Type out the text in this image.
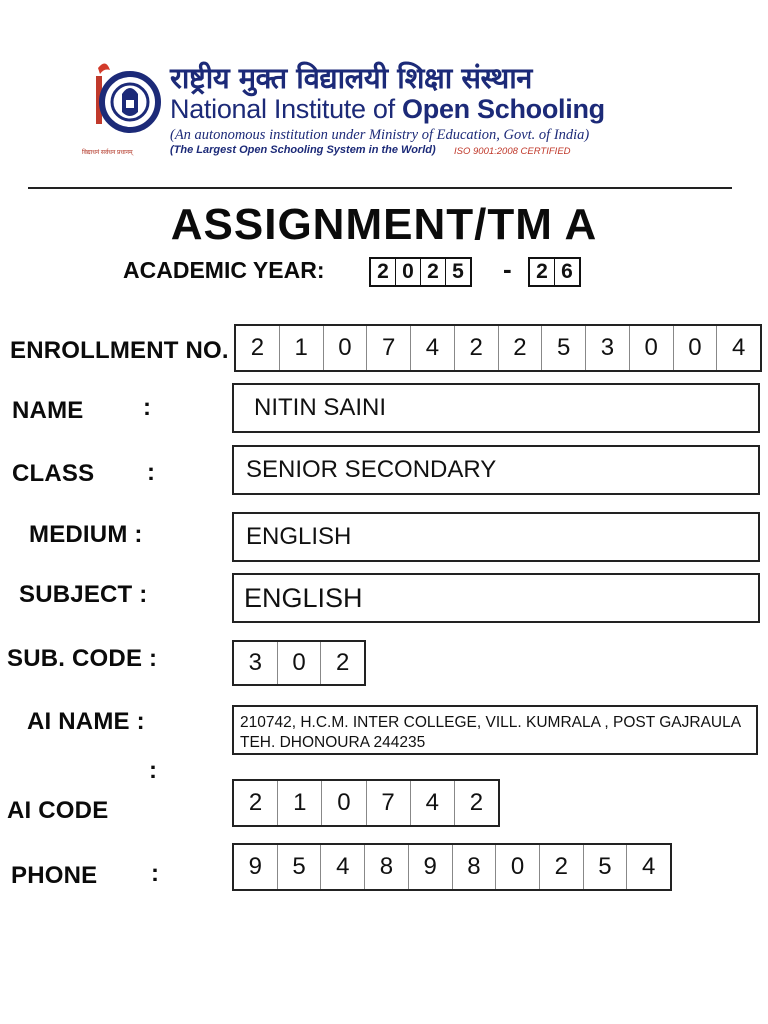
विद्याधनं सर्वधन प्रधानम्
राष्ट्रीय मुक्त विद्यालयी शिक्षा संस्थान
National Institute of Open Schooling
(An autonomous institution under Ministry of Education, Govt. of India)
(The Largest Open Schooling System in the World) ISO 9001:2008 CERTIFIED
ASSIGNMENT/TM A
ACADEMIC YEAR:	2 0 2 5 - 2 6
ENROLLMENT NO. 2	1	0	7	4	2	2	5	3	0	0	4
NAME :	NITIN SAINI
CLASS :	SENIOR SECONDARY
MEDIUM :	ENGLISH
SUBJECT :	ENGLISH
SUB. CODE :	3	0	2
AI NAME :	210742, H.C.M. INTER COLLEGE, VILL. KUMRALA , POST GAJRAULA TEH. DHONOURA 244235
:
AI CODE	2	1	0	7	4	2
PHONE :	9	5	4	8	9	8	0	2	5	4
